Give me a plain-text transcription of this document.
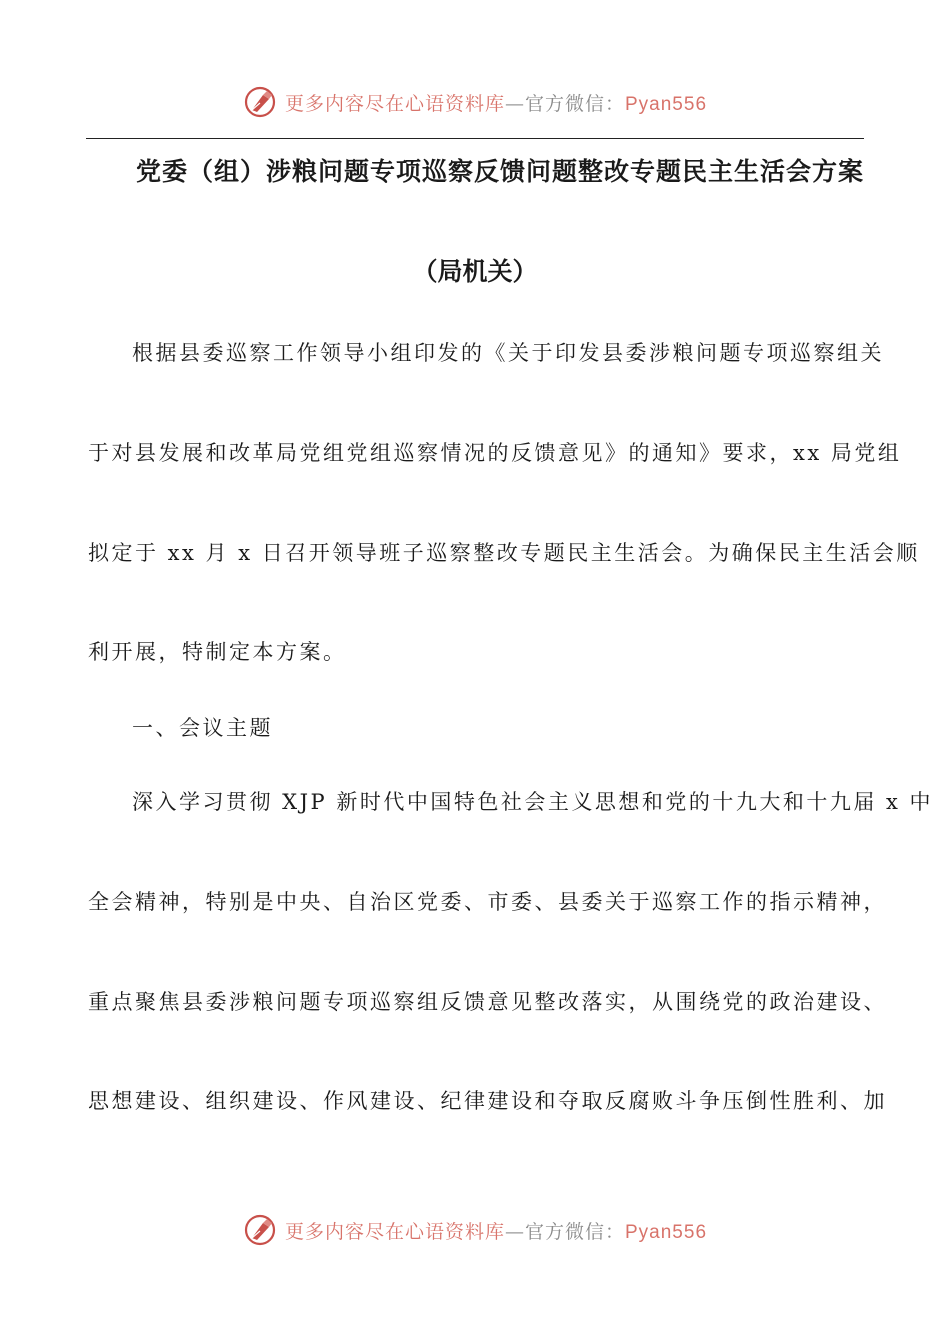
更多内容尽在心语资料库—官方微信：Pyan556
党委（组）涉粮问题专项巡察反馈问题整改专题民主生活会方案
（局机关）
根据县委巡察工作领导小组印发的《关于印发县委涉粮问题专项巡察组关
于对县发展和改革局党组党组巡察情况的反馈意见》的通知》要求，xx 局党组
拟定于 xx 月 x 日召开领导班子巡察整改专题民主生活会。为确保民主生活会顺
利开展，特制定本方案。
一、会议主题
深入学习贯彻 XJP 新时代中国特色社会主义思想和党的十九大和十九届 x 中
全会精神，特别是中央、自治区党委、市委、县委关于巡察工作的指示精神，
重点聚焦县委涉粮问题专项巡察组反馈意见整改落实，从围绕党的政治建设、
思想建设、组织建设、作风建设、纪律建设和夺取反腐败斗争压倒性胜利、加
更多内容尽在心语资料库—官方微信：Pyan556
